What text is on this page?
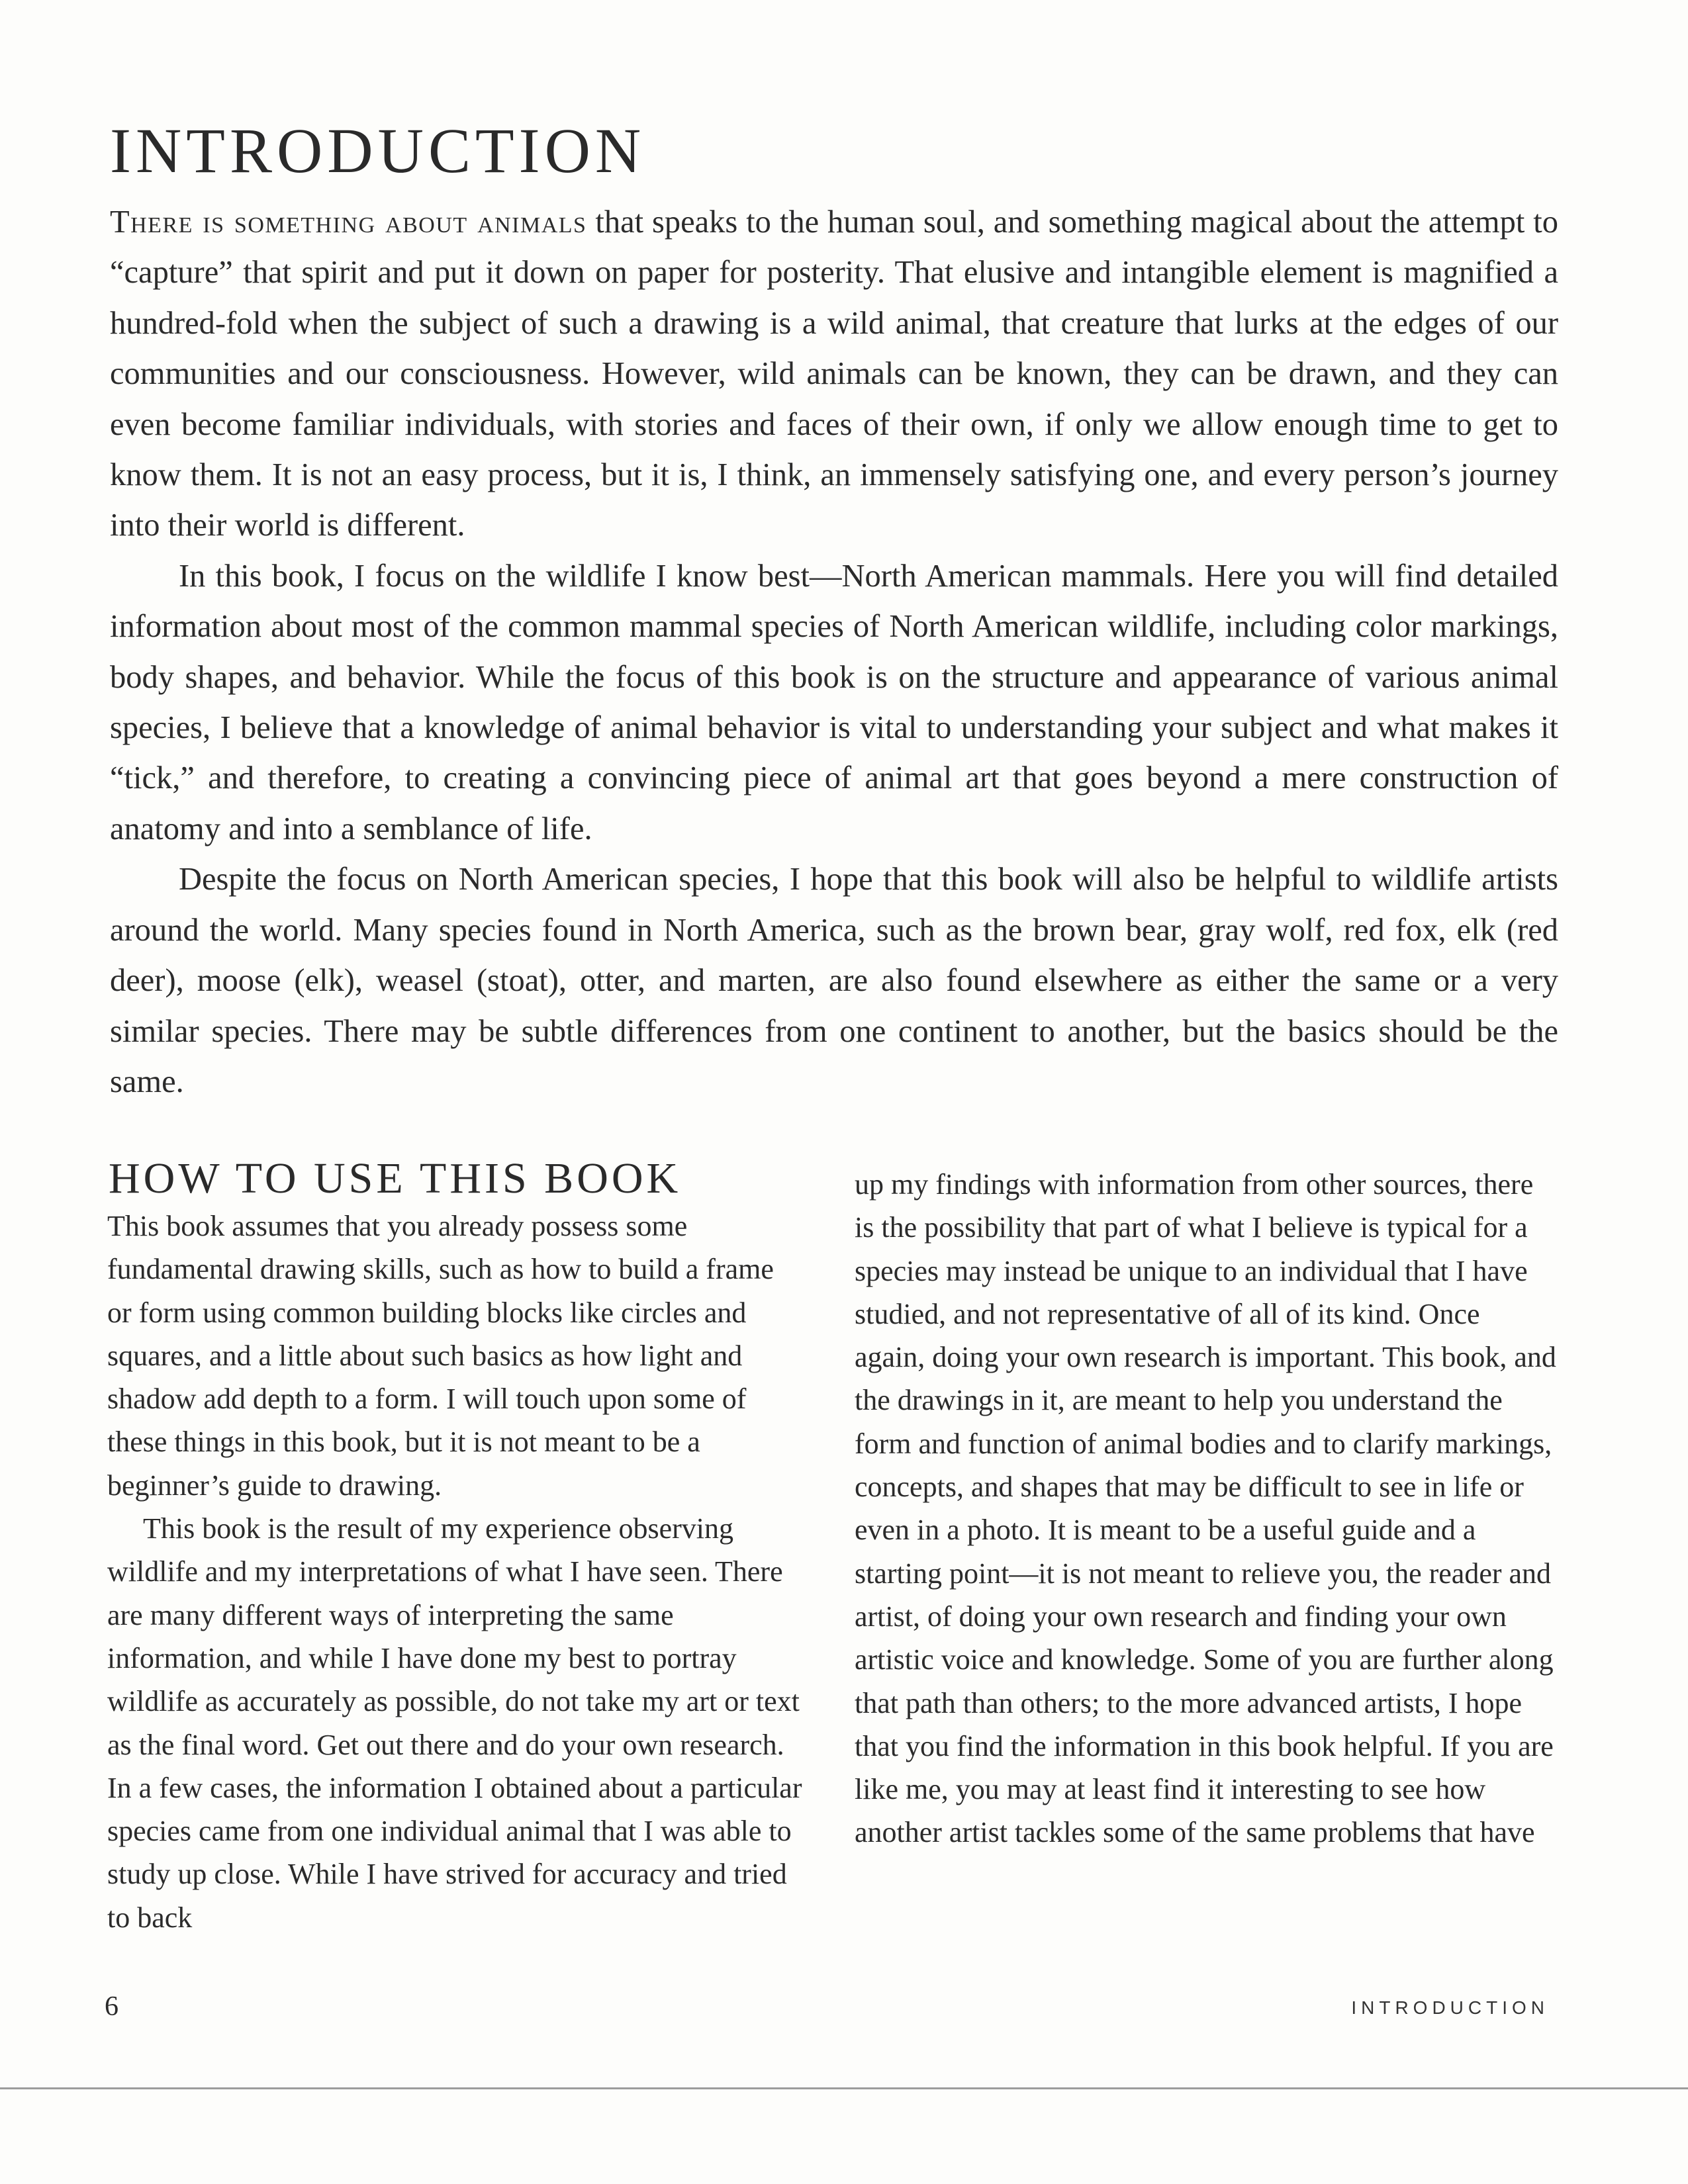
INTRODUCTION

There is something about animals that speaks to the human soul, and something magical about the attempt to “capture” that spirit and put it down on paper for posterity. That elusive and intangible element is magnified a hundred-fold when the subject of such a drawing is a wild animal, that creature that lurks at the edges of our communities and our consciousness. However, wild animals can be known, they can be drawn, and they can even become familiar individuals, with stories and faces of their own, if only we allow enough time to get to know them. It is not an easy process, but it is, I think, an immensely satisfying one, and every person’s journey into their world is different.

In this book, I focus on the wildlife I know best—North American mammals. Here you will find detailed information about most of the common mammal species of North American wildlife, including color markings, body shapes, and behavior. While the focus of this book is on the structure and appearance of various animal species, I believe that a knowledge of animal behavior is vital to understanding your subject and what makes it “tick,” and therefore, to creating a convincing piece of animal art that goes beyond a mere construction of anatomy and into a semblance of life.

Despite the focus on North American species, I hope that this book will also be helpful to wildlife artists around the world. Many species found in North America, such as the brown bear, gray wolf, red fox, elk (red deer), moose (elk), weasel (stoat), otter, and marten, are also found elsewhere as either the same or a very similar species. There may be subtle differences from one continent to another, but the basics should be the same.

HOW TO USE THIS BOOK

This book assumes that you already possess some fundamental drawing skills, such as how to build a frame or form using common building blocks like circles and squares, and a little about such basics as how light and shadow add depth to a form. I will touch upon some of these things in this book, but it is not meant to be a beginner’s guide to drawing.

This book is the result of my experience observing wildlife and my interpretations of what I have seen. There are many different ways of interpreting the same information, and while I have done my best to portray wildlife as accurately as possible, do not take my art or text as the final word. Get out there and do your own research. In a few cases, the information I obtained about a particular species came from one individual animal that I was able to study up close. While I have strived for accuracy and tried to back

up my findings with information from other sources, there is the possibility that part of what I believe is typical for a species may instead be unique to an individual that I have studied, and not representative of all of its kind. Once again, doing your own research is important. This book, and the drawings in it, are meant to help you understand the form and function of animal bodies and to clarify markings, concepts, and shapes that may be difficult to see in life or even in a photo. It is meant to be a useful guide and a starting point—it is not meant to relieve you, the reader and artist, of doing your own research and finding your own artistic voice and knowledge. Some of you are further along that path than others; to the more advanced artists, I hope that you find the information in this book helpful. If you are like me, you may at least find it interesting to see how another artist tackles some of the same problems that have

6	INTRODUCTION
